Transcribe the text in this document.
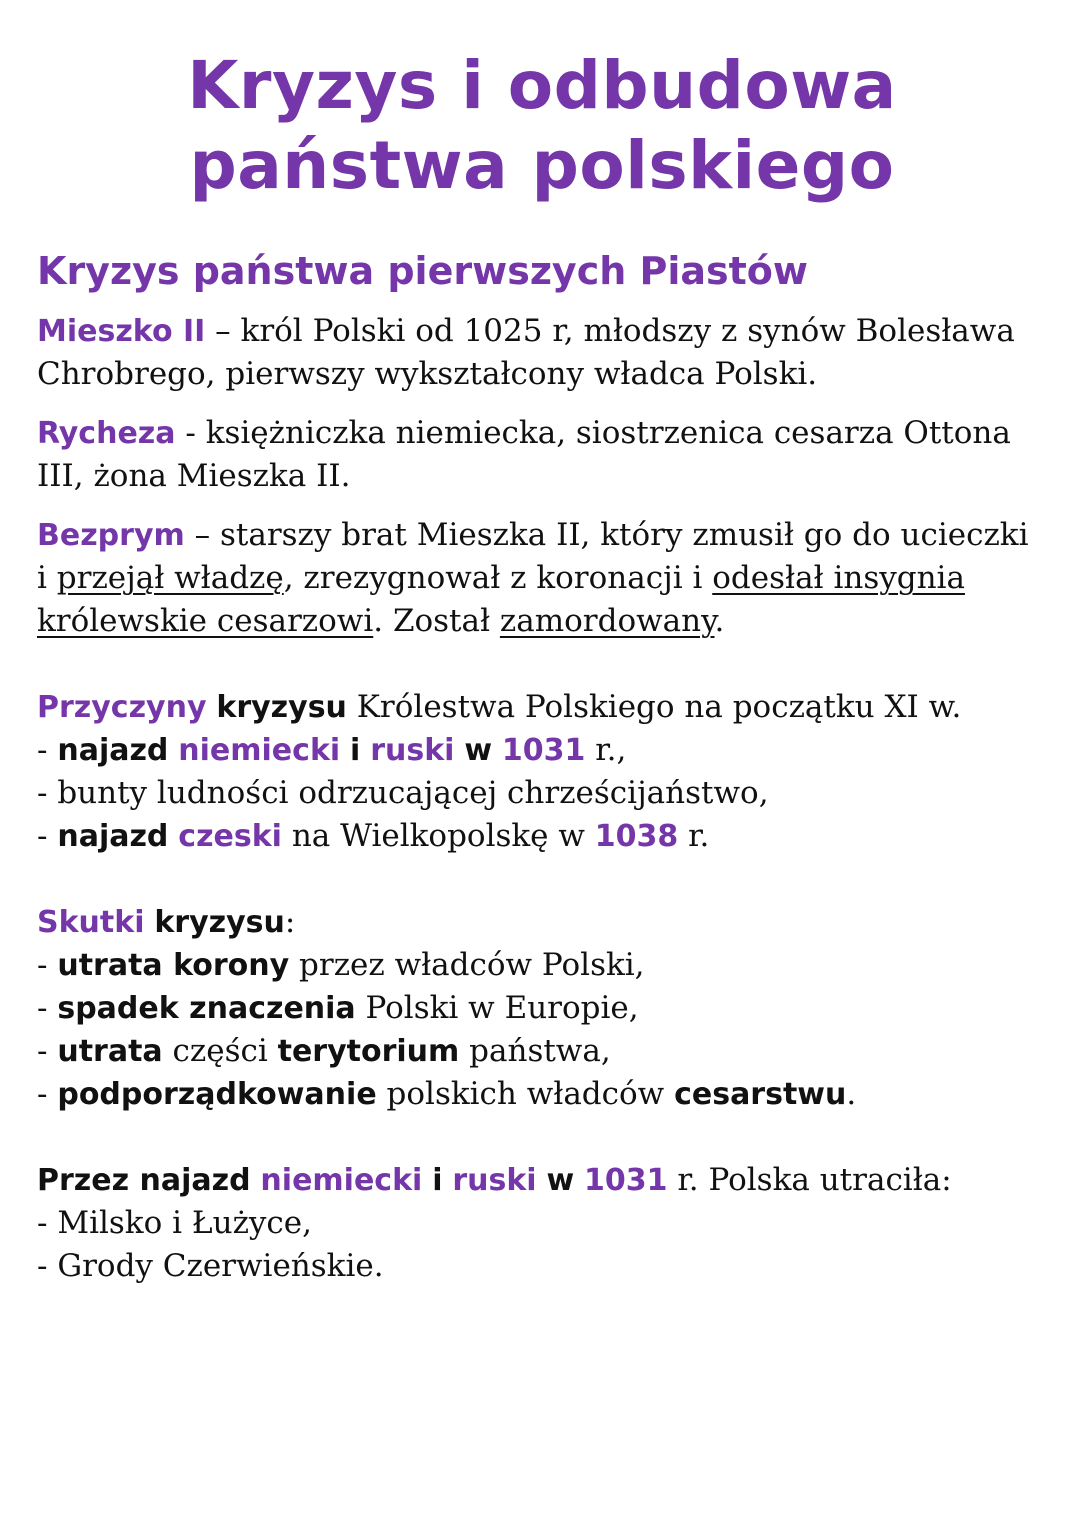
Kryzys i odbudowa
państwa polskiego
Kryzys państwa pierwszych Piastów

Mieszko II – król Polski od 1025 r, młodszy z synów Bolesława Chrobrego, pierwszy wykształcony władca Polski.

Rycheza - księżniczka niemiecka, siostrzenica cesarza Ottona III, żona Mieszka II.

Bezprym – starszy brat Mieszka II, który zmusił go do ucieczki i przejął władzę, zrezygnował z koronacji i odesłał insygnia królewskie cesarzowi. Został zamordowany.

Przyczyny kryzysu Królestwa Polskiego na początku XI w.
- najazd niemiecki i ruski w 1031 r.,
- bunty ludności odrzucającej chrześcijaństwo,
- najazd czeski na Wielkopolskę w 1038 r.
Skutki kryzysu:
- utrata korony przez władców Polski,
- spadek znaczenia Polski w Europie,
- utrata części terytorium państwa,
- podporządkowanie polskich władców cesarstwu.
Przez najazd niemiecki i ruski w 1031 r. Polska utraciła:
- Milsko i Łużyce,
- Grody Czerwieńskie.
